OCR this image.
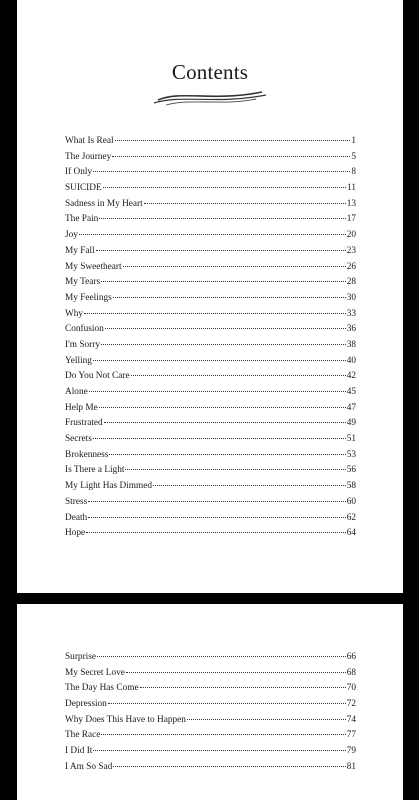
Contents
What Is Real	1
The Journey	5
If Only	8
SUICIDE	11
Sadness in My Heart	13
The Pain	17
Joy	20
My Fall	23
My Sweetheart	26
My Tears	28
My Feelings	30
Why	33
Confusion	36
I'm Sorry	38
Yelling	40
Do You Not Care	42
Alone	45
Help Me	47
Frustrated	49
Secrets	51
Brokenness	53
Is There a Light	56
My Light Has Dimmed	58
Stress	60
Death	62
Hope	64
Surprise	66
My Secret Love	68
The Day Has Come	70
Depression	72
Why Does This Have to Happen	74
The Race	77
I Did It	79
I Am So Sad	81
